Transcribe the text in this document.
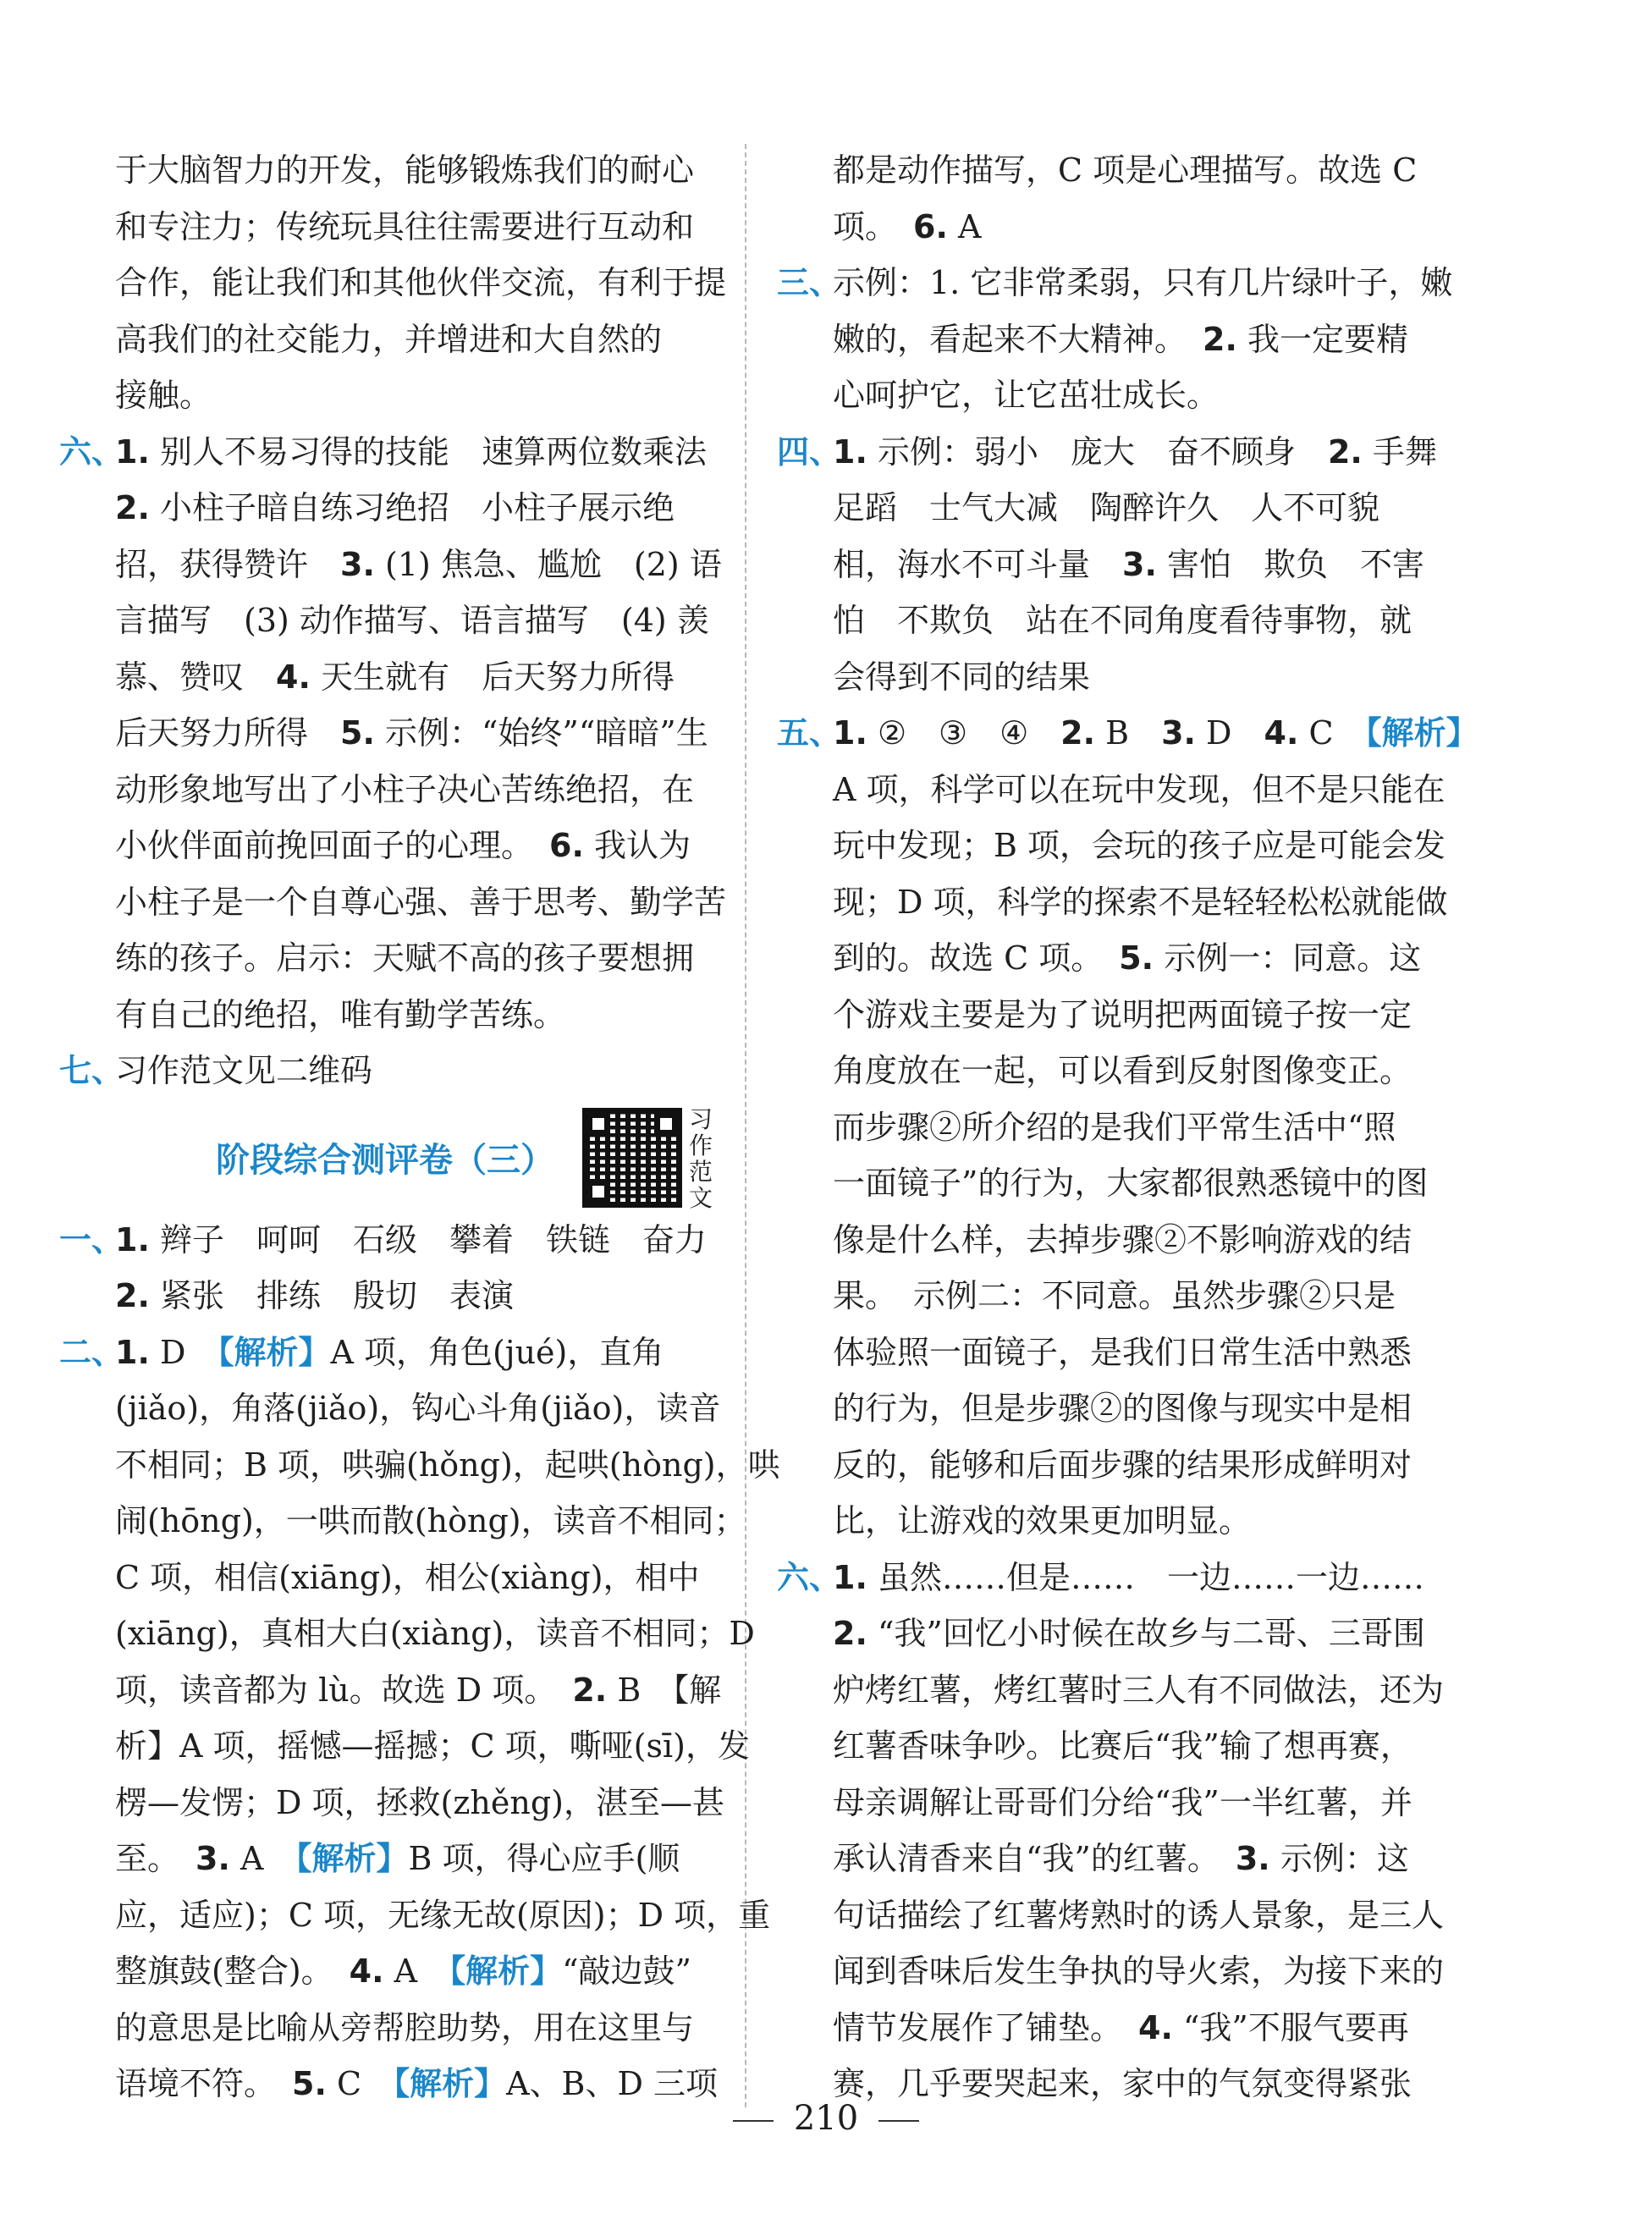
于大脑智力的开发，能够锻炼我们的耐心
和专注力；传统玩具往往需要进行互动和
合作，能让我们和其他伙伴交流，有利于提
高我们的社交能力，并增进和大自然的
接触。
六、1. 别人不易习得的技能　速算两位数乘法
2. 小柱子暗自练习绝招　小柱子展示绝
招，获得赞许　3. (1) 焦急、尴尬　(2) 语
言描写　(3) 动作描写、语言描写　(4) 羡
慕、赞叹　4. 天生就有　后天努力所得
后天努力所得　5. 示例：“始终”“暗暗”生
动形象地写出了小柱子决心苦练绝招，在
小伙伴面前挽回面子的心理。　6. 我认为
小柱子是一个自尊心强、善于思考、勤学苦
练的孩子。启示：天赋不高的孩子要想拥
有自己的绝招，唯有勤学苦练。
七、习作范文见二维码
阶段综合测评卷（三）
习作范文
一、1. 辫子　呵呵　石级　攀着　铁链　奋力
2. 紧张　排练　殷切　表演
二、1. D　【解析】A 项，角色(jué)，直角
(jiǎo)，角落(jiǎo)，钩心斗角(jiǎo)，读音
不相同；B 项，哄骗(hǒng)，起哄(hòng)，哄
闹(hōng)，一哄而散(hòng)，读音不相同；
C 项，相信(xiāng)，相公(xiàng)，相中
(xiāng)，真相大白(xiàng)，读音不相同；D
项，读音都为 lù。故选 D 项。　2. B　【解
析】A 项，摇憾—摇撼；C 项，嘶哑(sī)，发
楞—发愣；D 项，拯救(zhěng)，湛至—甚
至。　3. A　【解析】B 项，得心应手(顺
应，适应)；C 项，无缘无故(原因)；D 项，重
整旗鼓(整合)。　4. A　【解析】“敲边鼓”
的意思是比喻从旁帮腔助势，用在这里与
语境不符。　5. C　【解析】A、B、D 三项
都是动作描写，C 项是心理描写。故选 C
项。　6. A
三、示例：1. 它非常柔弱，只有几片绿叶子，嫩
嫩的，看起来不大精神。　2. 我一定要精
心呵护它，让它茁壮成长。
四、1. 示例：弱小　庞大　奋不顾身　2. 手舞
足蹈　士气大减　陶醉许久　人不可貌
相，海水不可斗量　3. 害怕　欺负　不害
怕　不欺负　站在不同角度看待事物，就
会得到不同的结果
五、1. ②　③　④　2. B　3. D　4. C　【解析】
A 项，科学可以在玩中发现，但不是只能在
玩中发现；B 项，会玩的孩子应是可能会发
现；D 项，科学的探索不是轻轻松松就能做
到的。故选 C 项。　5. 示例一：同意。这
个游戏主要是为了说明把两面镜子按一定
角度放在一起，可以看到反射图像变正。
而步骤②所介绍的是我们平常生活中“照
一面镜子”的行为，大家都很熟悉镜中的图
像是什么样，去掉步骤②不影响游戏的结
果。　示例二：不同意。虽然步骤②只是
体验照一面镜子，是我们日常生活中熟悉
的行为，但是步骤②的图像与现实中是相
反的，能够和后面步骤的结果形成鲜明对
比，让游戏的效果更加明显。
六、1. 虽然……但是……　一边……一边……
2. “我”回忆小时候在故乡与二哥、三哥围
炉烤红薯，烤红薯时三人有不同做法，还为
红薯香味争吵。比赛后“我”输了想再赛，
母亲调解让哥哥们分给“我”一半红薯，并
承认清香来自“我”的红薯。　3. 示例：这
句话描绘了红薯烤熟时的诱人景象，是三人
闻到香味后发生争执的导火索，为接下来的
情节发展作了铺垫。　4. “我”不服气要再
赛，几乎要哭起来，家中的气氛变得紧张
210
